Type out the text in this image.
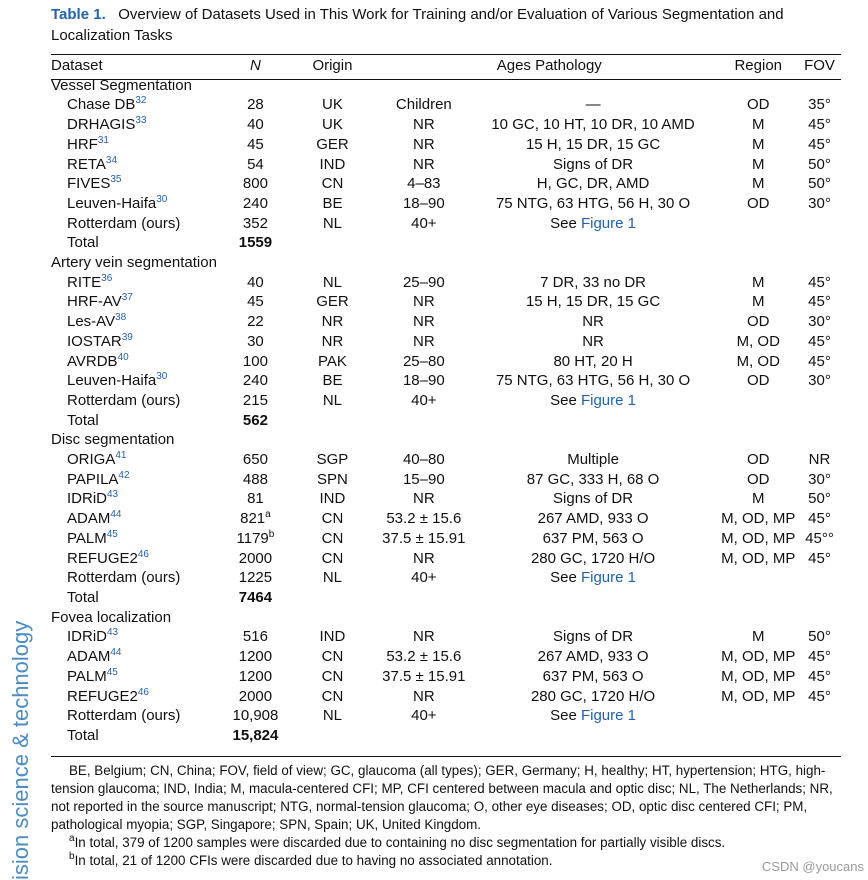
ision science & technology
Table 1. Overview of Datasets Used in This Work for Training and/or Evaluation of Various Segmentation and Localization Tasks
Dataset	N	Origin	Ages Pathology		Region	FOV
Vessel Segmentation						
Chase DB$^{32}$	28	UK	Children	—	OD	35°
DRHAGIS$^{33}$	40	UK	NR	10 GC, 10 HT, 10 DR, 10 AMD	M	45°
HRF$^{31}$	45	GER	NR	15 H, 15 DR, 15 GC	M	45°
RETA$^{34}$	54	IND	NR	Signs of DR	M	50°
FIVES$^{35}$	800	CN	4–83	H, GC, DR, AMD	M	50°
Leuven-Haifa$^{30}$	240	BE	18–90	75 NTG, 63 HTG, 56 H, 30 O	OD	30°
Rotterdam (ours)	352	NL	40+	See Figure 1		
Total	1559					
Artery vein segmentation						
RITE$^{36}$	40	NL	25–90	7 DR, 33 no DR	M	45°
HRF-AV$^{37}$	45	GER	NR	15 H, 15 DR, 15 GC	M	45°
Les-AV$^{38}$	22	NR	NR	NR	OD	30°
IOSTAR$^{39}$	30	NR	NR	NR	M, OD	45°
AVRDB$^{40}$	100	PAK	25–80	80 HT, 20 H	M, OD	45°
Leuven-Haifa$^{30}$	240	BE	18–90	75 NTG, 63 HTG, 56 H, 30 O	OD	30°
Rotterdam (ours)	215	NL	40+	See Figure 1		
Total	562					
Disc segmentation						
ORIGA$^{41}$	650	SGP	40–80	Multiple	OD	NR
PAPILA$^{42}$	488	SPN	15–90	87 GC, 333 H, 68 O	OD	30°
IDRiD$^{43}$	81	IND	NR	Signs of DR	M	50°
ADAM$^{44}$	821$^a$	CN	53.2 ± 15.6	267 AMD, 933 O	M, OD, MP	45°
PALM$^{45}$	1179$^b$	CN	37.5 ± 15.91	637 PM, 563 O	M, OD, MP	45°°
$REFUGE2^{46}$	2000	CN	NR	280 GC, 1720 H/O	M, OD, MP	45°
Rotterdam (ours)	1225	NL	40+	See Figure 1		
Total	7464					
Fovea localization						
IDRiD$^{43}$	516	IND	NR	Signs of DR	M	50°
ADAM$^{44}$	1200	CN	53.2 ± 15.6	267 AMD, 933 O	M, OD, MP	45°
PALM$^{45}$	1200	CN	37.5 ± 15.91	637 PM, 563 O	M, OD, MP	45°
$REFUGE2^{46}$	2000	CN	NR	280 GC, 1720 H/O	M, OD, MP	45°
Rotterdam (ours)	10,908	NL	40+	See Figure 1		
Total	15,824					

BE, Belgium; CN, China; FOV, field of view; GC, glaucoma (all types); GER, Germany; H, healthy; HT, hypertension; HTG, high-tension glaucoma; IND, India; M, macula-centered CFI; MP, CFI centered between macula and optic disc; NL, The Netherlands; NR, not reported in the source manuscript; NTG, normal-tension glaucoma; O, other eye diseases; OD, optic disc centered CFI; PM, pathological myopia; SGP, Singapore; SPN, Spain; UK, United Kingdom.

$^a$In total, 379 of 1200 samples were discarded due to containing no disc segmentation for partially visible discs.

$^b$In total, 21 of 1200 CFIs were discarded due to having no associated annotation.	CSDN @youcans
